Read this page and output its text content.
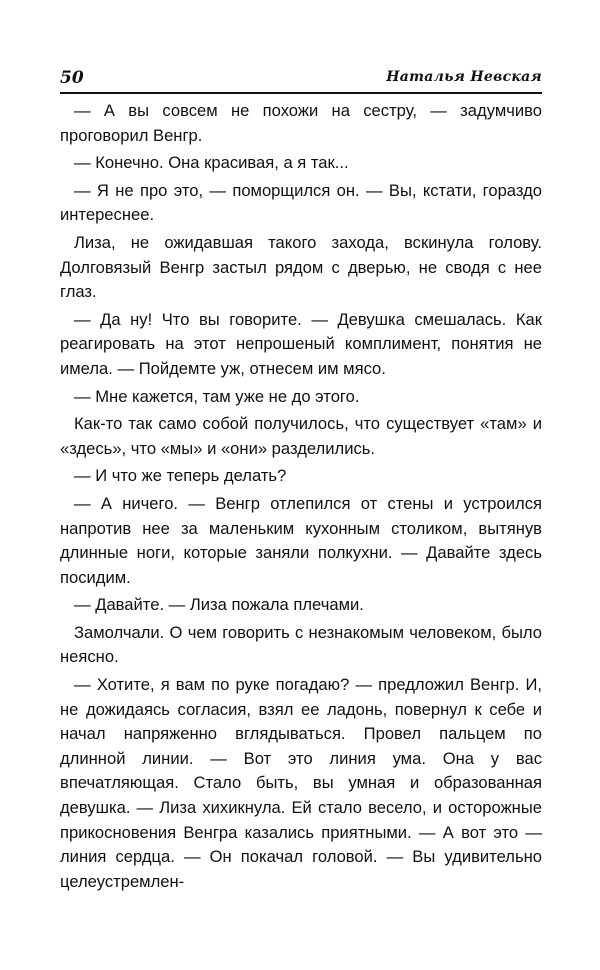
50	Наталья Невская

— А вы совсем не похожи на сестру, — задумчиво проговорил Венгр.

— Конечно. Она красивая, а я так...

— Я не про это, — поморщился он. — Вы, кстати, гораздо интереснее.

Лиза, не ожидавшая такого захода, вскинула голову. Долговязый Венгр застыл рядом с дверью, не сводя с нее глаз.

— Да ну! Что вы говорите. — Девушка смешалась. Как реагировать на этот непрошеный комплимент, понятия не имела. — Пойдемте уж, отнесем им мясо.

— Мне кажется, там уже не до этого.

Как-то так само собой получилось, что существует «там» и «здесь», что «мы» и «они» разделились.

— И что же теперь делать?

— А ничего. — Венгр отлепился от стены и устроился напротив нее за маленьким кухонным столиком, вытянув длинные ноги, которые заняли полкухни. — Давайте здесь посидим.

— Давайте. — Лиза пожала плечами.

Замолчали. О чем говорить с незнакомым человеком, было неясно.

— Хотите, я вам по руке погадаю? — предложил Венгр. И, не дожидаясь согласия, взял ее ладонь, повернул к себе и начал напряженно вглядываться. Провел пальцем по длинной линии. — Вот это линия ума. Она у вас впечатляющая. Стало быть, вы умная и образованная девушка. — Лиза хихикнула. Ей стало весело, и осторожные прикосновения Венгра казались приятными. — А вот это — линия сердца. — Он покачал головой. — Вы удивительно целеустремлен-
